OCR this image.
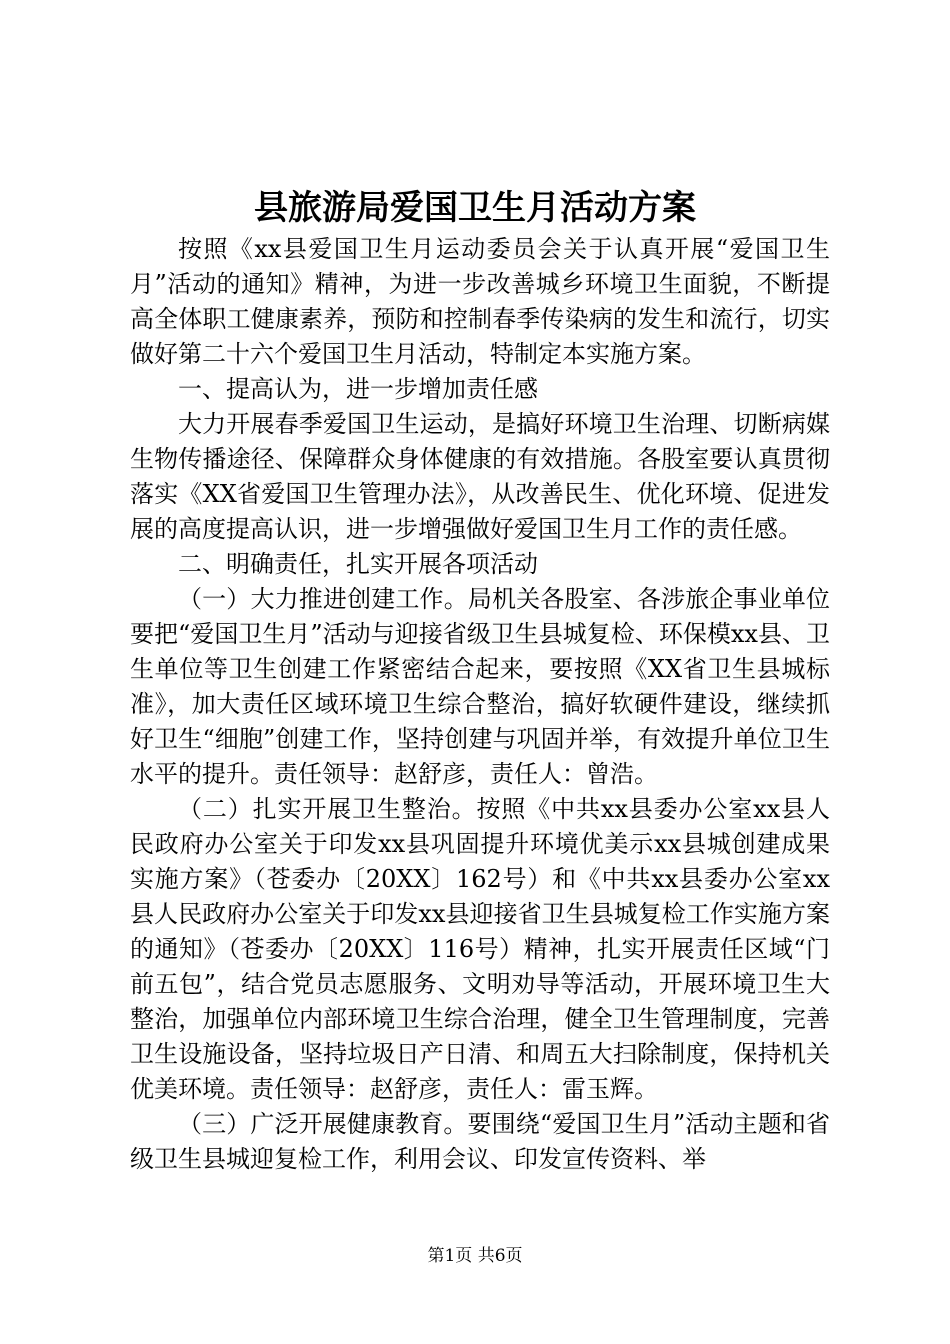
县旅游局爱国卫生月活动方案

按照《xx县爱国卫生月运动委员会关于认真开展“爱国卫生月”活动的通知》精神，为进一步改善城乡环境卫生面貌，不断提高全体职工健康素养，预防和控制春季传染病的发生和流行，切实做好第二十六个爱国卫生月活动，特制定本实施方案。

一、提高认为，进一步增加责任感

大力开展春季爱国卫生运动，是搞好环境卫生治理、切断病媒生物传播途径、保障群众身体健康的有效措施。各股室要认真贯彻落实《XX省爱国卫生管理办法》，从改善民生、优化环境、促进发展的高度提高认识，进一步增强做好爱国卫生月工作的责任感。

二、明确责任，扎实开展各项活动

（一）大力推进创建工作。局机关各股室、各涉旅企事业单位要把“爱国卫生月”活动与迎接省级卫生县城复检、环保模xx县、卫生单位等卫生创建工作紧密结合起来，要按照《XX省卫生县城标准》，加大责任区域环境卫生综合整治，搞好软硬件建设，继续抓好卫生“细胞”创建工作，坚持创建与巩固并举，有效提升单位卫生水平的提升。责任领导：赵舒彦，责任人：曾浩。

（二）扎实开展卫生整治。按照《中共xx县委办公室xx县人民政府办公室关于印发xx县巩固提升环境优美示xx县城创建成果实施方案》（苍委办〔20XX〕162号）和《中共xx县委办公室xx县人民政府办公室关于印发xx县迎接省卫生县城复检工作实施方案的通知》（苍委办〔20XX〕116号）精神，扎实开展责任区域“门前五包”，结合党员志愿服务、文明劝导等活动，开展环境卫生大整治，加强单位内部环境卫生综合治理，健全卫生管理制度，完善卫生设施设备，坚持垃圾日产日清、和周五大扫除制度，保持机关优美环境。责任领导：赵舒彦，责任人：雷玉辉。

（三）广泛开展健康教育。要围绕“爱国卫生月”活动主题和省级卫生县城迎复检工作，利用会议、印发宣传资料、举

第1页 共6页
